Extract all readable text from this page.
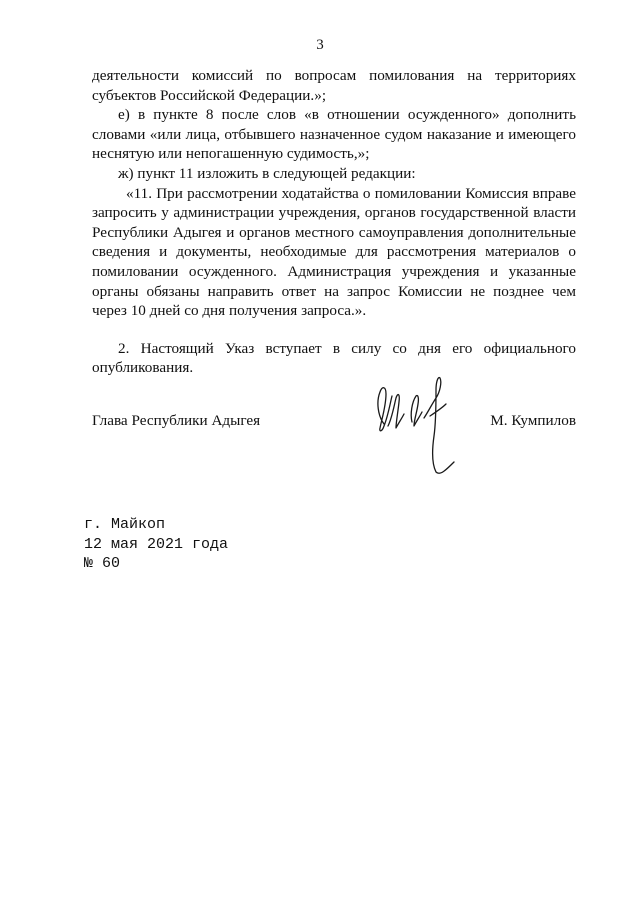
3

деятельности комиссий по вопросам помилования на территориях субъектов Российской Федерации.»;

е) в пункте 8 после слов «в отношении осужденного» дополнить словами «или лица, отбывшего назначенное судом наказание и имеющего неснятую или непогашенную судимость,»;

ж) пункт 11 изложить в следующей редакции:

«11. При рассмотрении ходатайства о помиловании Комиссия вправе запросить у администрации учреждения, органов государственной власти Республики Адыгея и органов местного самоуправления дополнительные сведения и документы, необходимые для рассмотрения материалов о помиловании осужденного. Администрация учреждения и указанные органы обязаны направить ответ на запрос Комиссии не позднее чем через 10 дней со дня получения запроса.».

2. Настоящий Указ вступает в силу со дня его официального опубликования.

Глава Республики Адыгея	М. Кумпилов
г. Майкоп
12 мая 2021 года
№ 60
